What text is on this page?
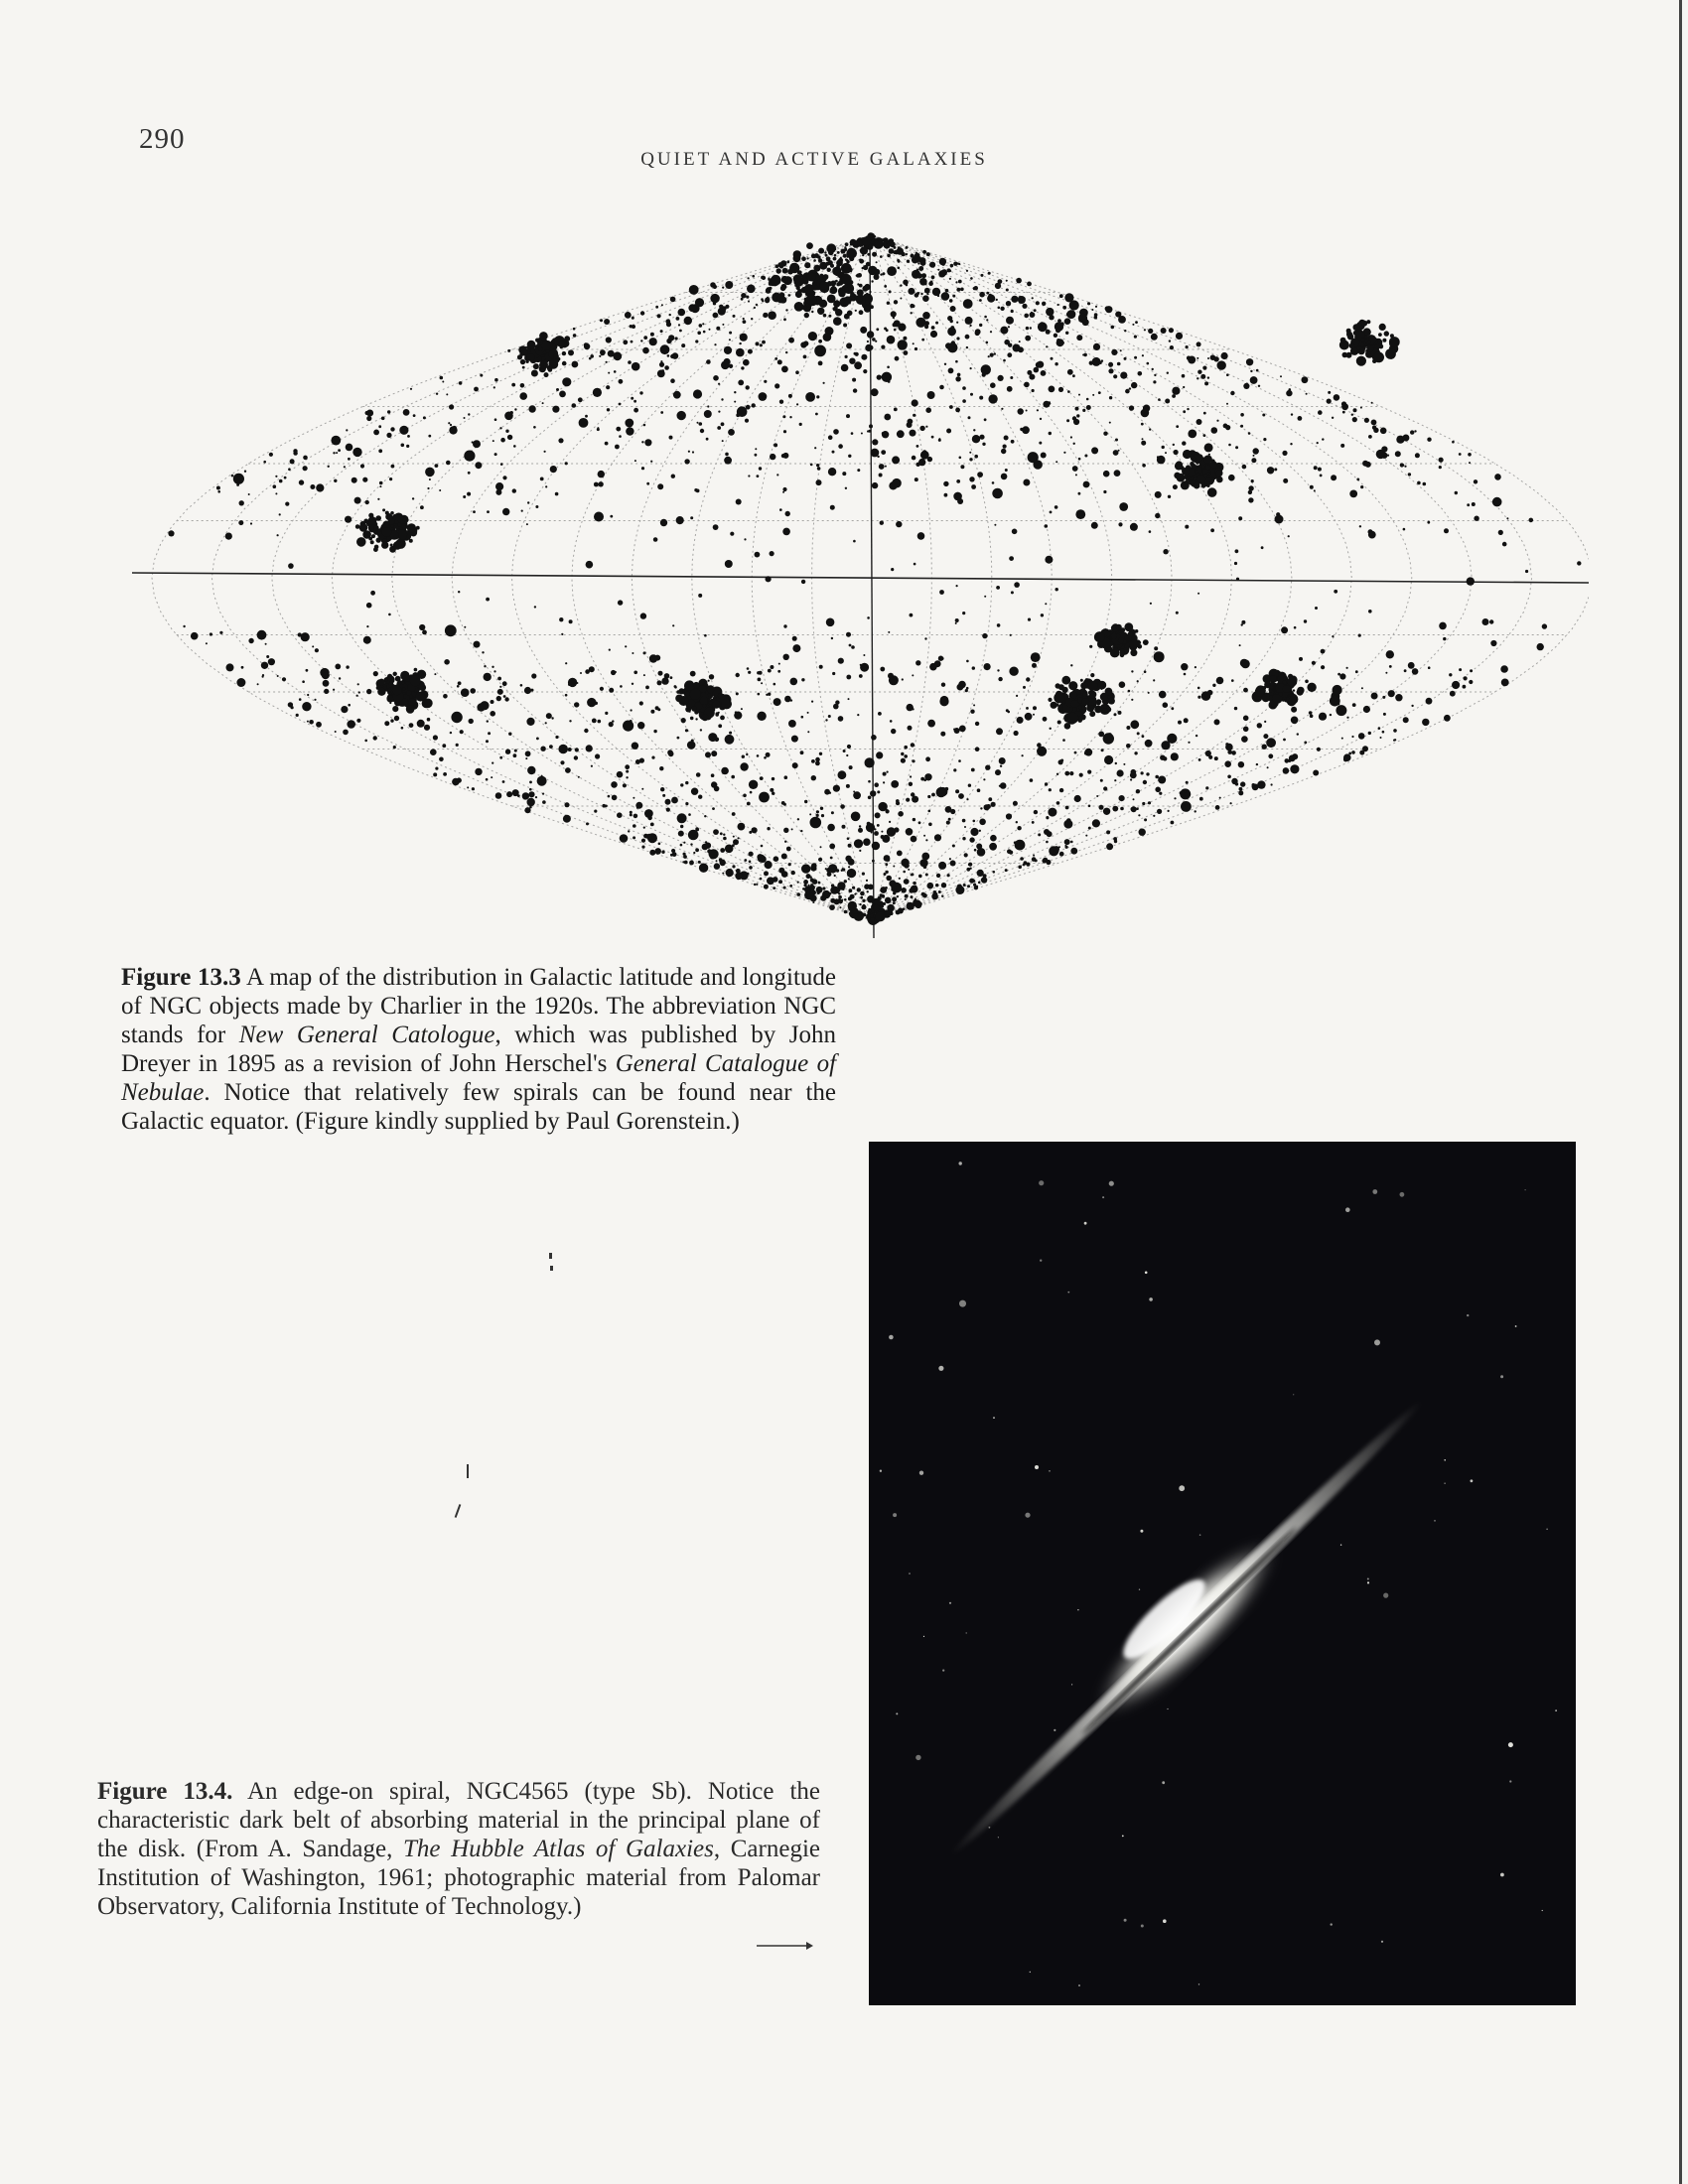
290
QUIET AND ACTIVE GALAXIES
Figure 13.3 A map of the distribution in Galactic latitude and longitude of NGC objects made by Charlier in the 1920s. The abbreviation NGC stands for New General Catologue, which was published by John Dreyer in 1895 as a revision of John Herschel's General Catalogue of Nebulae. Notice that relatively few spirals can be found near the Galactic equator. (Figure kindly supplied by Paul Gorenstein.)
Figure 13.4. An edge-on spiral, NGC4565 (type Sb). Notice the characteristic dark belt of absorbing material in the principal plane of the disk. (From A. Sandage, The Hubble Atlas of Galaxies, Carnegie Institution of Washington, 1961; photographic material from Palomar Observatory, California Institute of Technology.)
